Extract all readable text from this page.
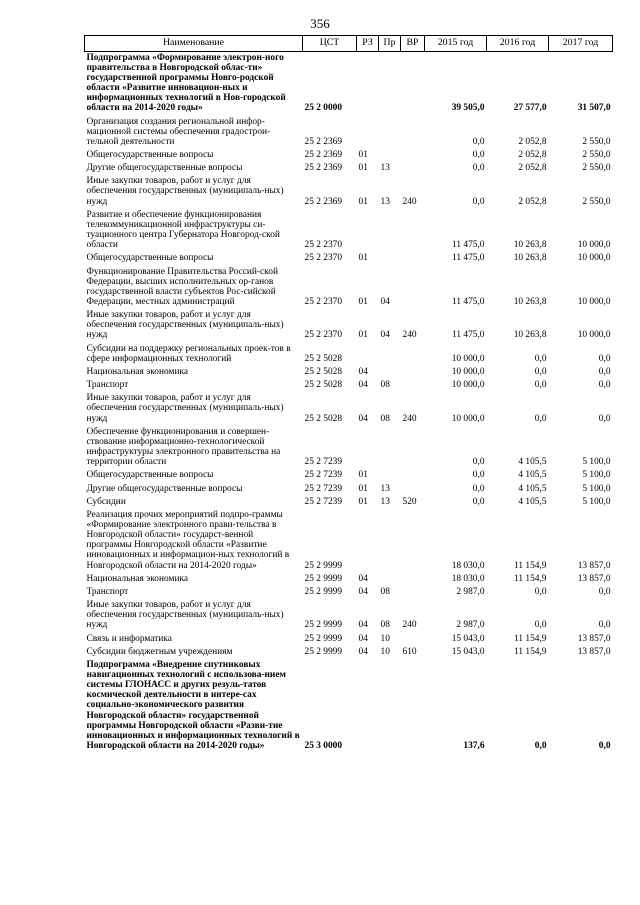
356
Наименование	ЦСТ	РЗ	Пр	ВР	2015 год	2016 год	2017 год
Подпрограмма «Формирование электрон-ного правительства в Новгородской облас-ти» государственной программы Новго-родской области «Развитие инновацион-ных и информационных технологий в Нов-городской области на 2014-2020 годы»	25 2 0000				39 505,0	27 577,0	31 507,0
Организация создания региональной инфор-мационной системы обеспечения градострои-тельной деятельности	25 2 2369				0,0	2 052,8	2 550,0
Общегосударственные вопросы	25 2 2369	01			0,0	2 052,8	2 550,0
Другие общегосударственные вопросы	25 2 2369	01	13		0,0	2 052,8	2 550,0
Иные закупки товаров, работ и услуг для обеспечения государственных (муниципаль-ных) нужд	25 2 2369	01	13	240	0,0	2 052,8	2 550,0
Развитие и обеспечение функционирования телекоммуникационной инфраструктуры си-туационного центра Губернатора Новгород-ской области	25 2 2370				11 475,0	10 263,8	10 000,0
Общегосударственные вопросы	25 2 2370	01			11 475,0	10 263,8	10 000,0
Функционирование Правительства Россий-ской Федерации, высших исполнительных ор-ганов государственной власти субъектов Рос-сийской Федерации, местных администраций	25 2 2370	01	04		11 475,0	10 263,8	10 000,0
Иные закупки товаров, работ и услуг для обеспечения государственных (муниципаль-ных) нужд	25 2 2370	01	04	240	11 475,0	10 263,8	10 000,0
Субсидии на поддержку региональных проек-тов в сфере информационных технологий	25 2 5028				10 000,0	0,0	0,0
Национальная экономика	25 2 5028	04			10 000,0	0,0	0,0
Транспорт	25 2 5028	04	08		10 000,0	0,0	0,0
Иные закупки товаров, работ и услуг для обеспечения государственных (муниципаль-ных) нужд	25 2 5028	04	08	240	10 000,0	0,0	0,0
Обеспечение функционирования и совершен-ствование информационно-технологической инфраструктуры электронного правительства на территории области	25 2 7239				0,0	4 105,5	5 100,0
Общегосударственные вопросы	25 2 7239	01			0,0	4 105,5	5 100,0
Другие общегосударственные вопросы	25 2 7239	01	13		0,0	4 105,5	5 100,0
Субсидии	25 2 7239	01	13	520	0,0	4 105,5	5 100,0
Реализация прочих мероприятий подпро-граммы «Формирование электронного прави-тельства в Новгородской области» государст-венной программы Новгородской области «Развитие инновационных и информацион-ных технологий в Новгородской области на 2014-2020 годы»	25 2 9999				18 030,0	11 154,9	13 857,0
Национальная экономика	25 2 9999	04			18 030,0	11 154,9	13 857,0
Транспорт	25 2 9999	04	08		2 987,0	0,0	0,0
Иные закупки товаров, работ и услуг для обеспечения государственных (муниципаль-ных) нужд	25 2 9999	04	08	240	2 987,0	0,0	0,0
Связь и информатика	25 2 9999	04	10		15 043,0	11 154,9	13 857,0
Субсидии бюджетным учреждениям	25 2 9999	04	10	610	15 043,0	11 154,9	13 857,0
Подпрограмма «Внедрение спутниковых навигационных технологий с использова-нием системы ГЛОНАСС и других резуль-татов космической деятельности в интере-сах социально-экономического развития Новгородской области» государственной программы Новгородской области «Разви-тие инновационных и информационных технологий в Новгородской области на 2014-2020 годы»	25 3 0000				137,6	0,0	0,0
